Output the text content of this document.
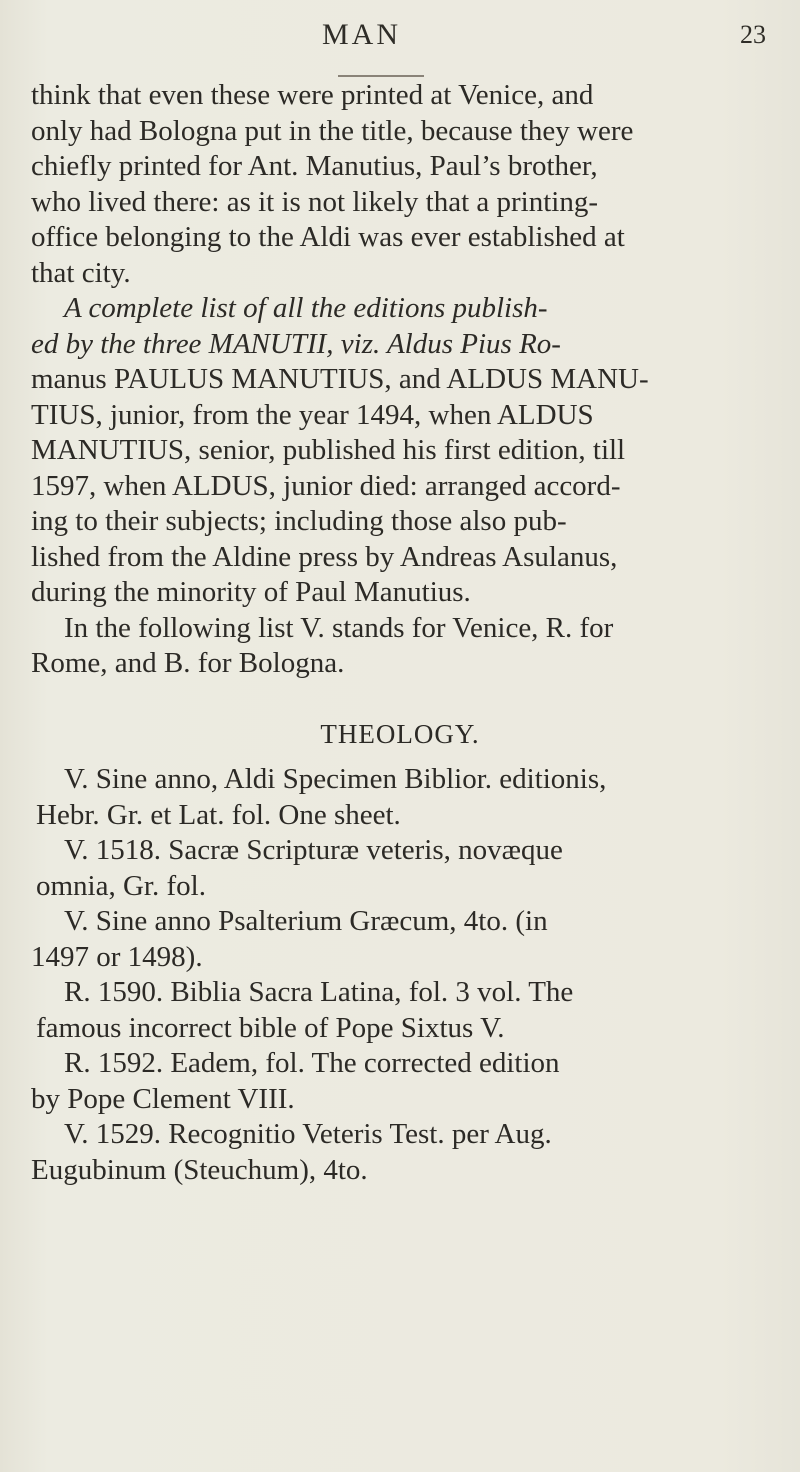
MAN	23
think that even these were printed at Venice, and
only had Bologna put in the title, because they were
chiefly printed for Ant. Manutius, Paul’s brother,
who lived there: as it is not likely that a printing-
office belonging to the Aldi was ever established at
that city.
A complete list of all the editions publish-
ed by the three MANUTII, viz. Aldus Pius Ro-
manus PAULUS MANUTIUS, and ALDUS MANU-
TIUS, junior, from the year 1494, when ALDUS
MANUTIUS, senior, published his first edition, till
1597, when ALDUS, junior died: arranged accord-
ing to their subjects; including those also pub-
lished from the Aldine press by Andreas Asulanus,
during the minority of Paul Manutius.
In the following list V. stands for Venice, R. for
Rome, and B. for Bologna.
THEOLOGY.
V. Sine anno, Aldi Specimen Biblior. editionis,
Hebr. Gr. et Lat. fol. One sheet.
V. 1518. Sacræ Scripturæ veteris, novæque
omnia, Gr. fol.
V. Sine anno Psalterium Græcum, 4to. (in
1497 or 1498).
R. 1590. Biblia Sacra Latina, fol. 3 vol. The
famous incorrect bible of Pope Sixtus V.
R. 1592. Eadem, fol. The corrected edition
by Pope Clement VIII.
V. 1529. Recognitio Veteris Test. per Aug.
Eugubinum (Steuchum), 4to.
